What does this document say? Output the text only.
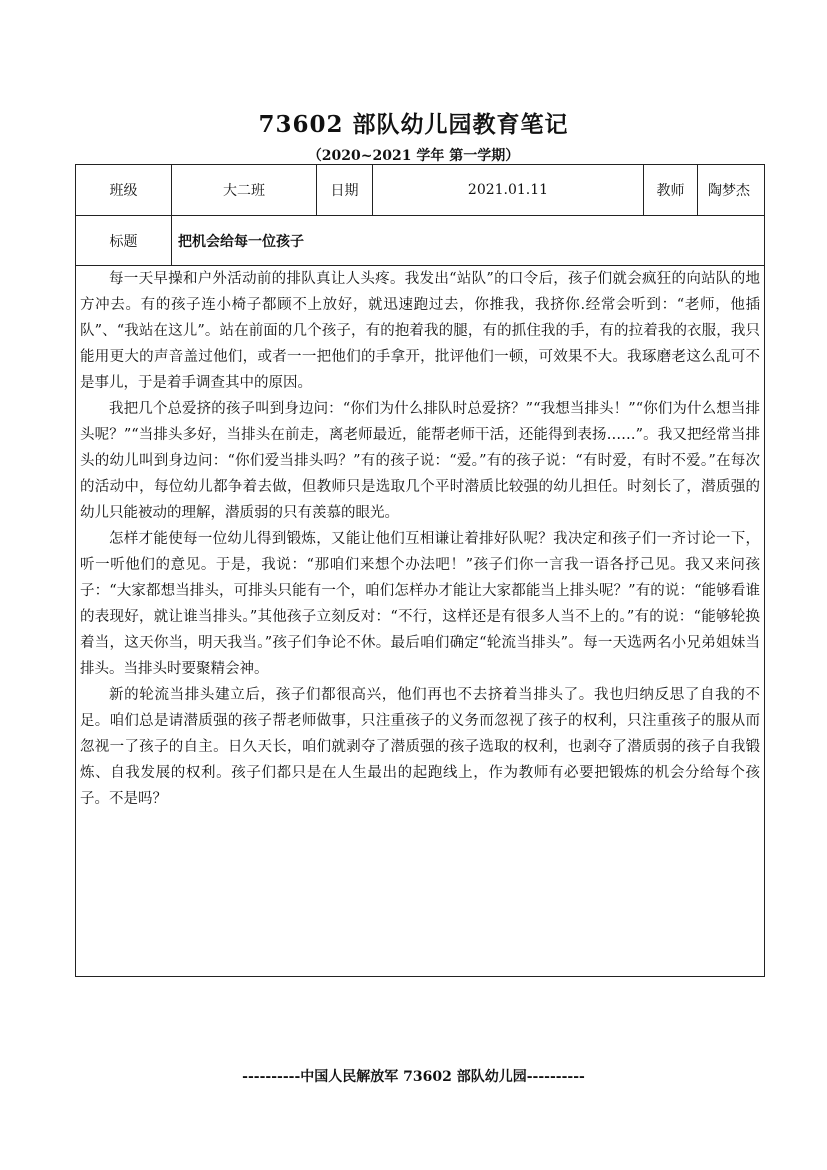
73602 部队幼儿园教育笔记
（2020~2021 学年 第一学期）
班级	大二班	日期	2021.01.11	教师	陶梦杰
标题	把机会给每一位孩子				

每一天早操和户外活动前的排队真让人头疼。我发出“站队”的口令后，孩子们就会疯狂的向站队的地方冲去。有的孩子连小椅子都顾不上放好，就迅速跑过去，你推我，我挤你.经常会听到：“老师，他插队”、“我站在这儿”。站在前面的几个孩子，有的抱着我的腿，有的抓住我的手，有的拉着我的衣服，我只能用更大的声音盖过他们，或者一一把他们的手拿开，批评他们一顿，可效果不大。我琢磨老这么乱可不是事儿，于是着手调查其中的原因。

我把几个总爱挤的孩子叫到身边问：“你们为什么排队时总爱挤？”“我想当排头！”“你们为什么想当排头呢？”“当排头多好，当排头在前走，离老师最近，能帮老师干活，还能得到表扬……”。我又把经常当排头的幼儿叫到身边问：“你们爱当排头吗？”有的孩子说：“爱。”有的孩子说：“有时爱，有时不爱。”在每次的活动中，每位幼儿都争着去做，但教师只是选取几个平时潜质比较强的幼儿担任。时刻长了，潜质强的幼儿只能被动的理解，潜质弱的只有羡慕的眼光。

怎样才能使每一位幼儿得到锻炼，又能让他们互相谦让着排好队呢？我决定和孩子们一齐讨论一下，听一听他们的意见。于是，我说：“那咱们来想个办法吧！”孩子们你一言我一语各抒己见。我又来问孩子：“大家都想当排头，可排头只能有一个，咱们怎样办才能让大家都能当上排头呢？”有的说：“能够看谁的表现好，就让谁当排头。”其他孩子立刻反对：“不行，这样还是有很多人当不上的。”有的说：“能够轮换着当，这天你当，明天我当。”孩子们争论不休。最后咱们确定“轮流当排头”。每一天选两名小兄弟姐妹当排头。当排头时要聚精会神。

新的轮流当排头建立后，孩子们都很高兴，他们再也不去挤着当排头了。我也归纳反思了自我的不足。咱们总是请潜质强的孩子帮老师做事，只注重孩子的义务而忽视了孩子的权利，只注重孩子的服从而忽视一了孩子的自主。日久天长，咱们就剥夺了潜质强的孩子选取的权利，也剥夺了潜质弱的孩子自我锻炼、自我发展的权利。孩子们都只是在人生最出的起跑线上，作为教师有必要把锻炼的机会分给每个孩子。不是吗？					

----------中国人民解放军 73602 部队幼儿园----------
